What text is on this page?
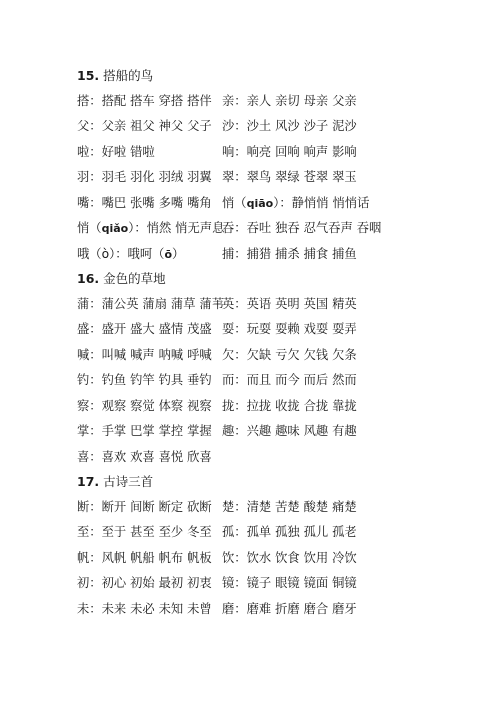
15. 搭船的鸟
搭：搭配 搭车 穿搭 搭伴 亲：亲人 亲切 母亲 父亲
父：父亲 祖父 神父 父子 沙：沙土 风沙 沙子 泥沙
啦：好啦 错啦	响：响亮 回响 响声 影响
羽：羽毛 羽化 羽绒 羽翼 翠：翠鸟 翠绿 苍翠 翠玉
嘴：嘴巴 张嘴 多嘴 嘴角 悄（qiāo）：静悄悄 悄悄话
悄（qiǎo）：悄然 悄无声息
吞：吞吐 独吞 忍气吞声 吞咽
哦（ò）：哦呵（ō）	捕：捕猎 捕杀 捕食 捕鱼
16. 金色的草地
蒲：蒲公英 蒲扇 蒲草 蒲苇
英：英语 英明 英国 精英
盛：盛开 盛大 盛情 茂盛 耍：玩耍 耍赖 戏耍 耍弄
喊：叫喊 喊声 呐喊 呼喊 欠：欠缺 亏欠 欠钱 欠条
钓：钓鱼 钓竿 钓具 垂钓 而：而且 而今 而后 然而
察：观察 察觉 体察 视察 拢：拉拢 收拢 合拢 靠拢
掌：手掌 巴掌 掌控 掌握 趣：兴趣 趣味 风趣 有趣
喜：喜欢 欢喜 喜悦 欣喜
17. 古诗三首
断：断开 间断 断定 砍断 楚：清楚 苦楚 酸楚 痛楚
至：至于 甚至 至少 冬至 孤：孤单 孤独 孤儿 孤老
帆：风帆 帆船 帆布 帆板 饮：饮水 饮食 饮用 冷饮
初：初心 初始 最初 初衷 镜：镜子 眼镜 镜面 铜镜
未：未来 未必 未知 未曾 磨：磨难 折磨 磨合 磨牙
